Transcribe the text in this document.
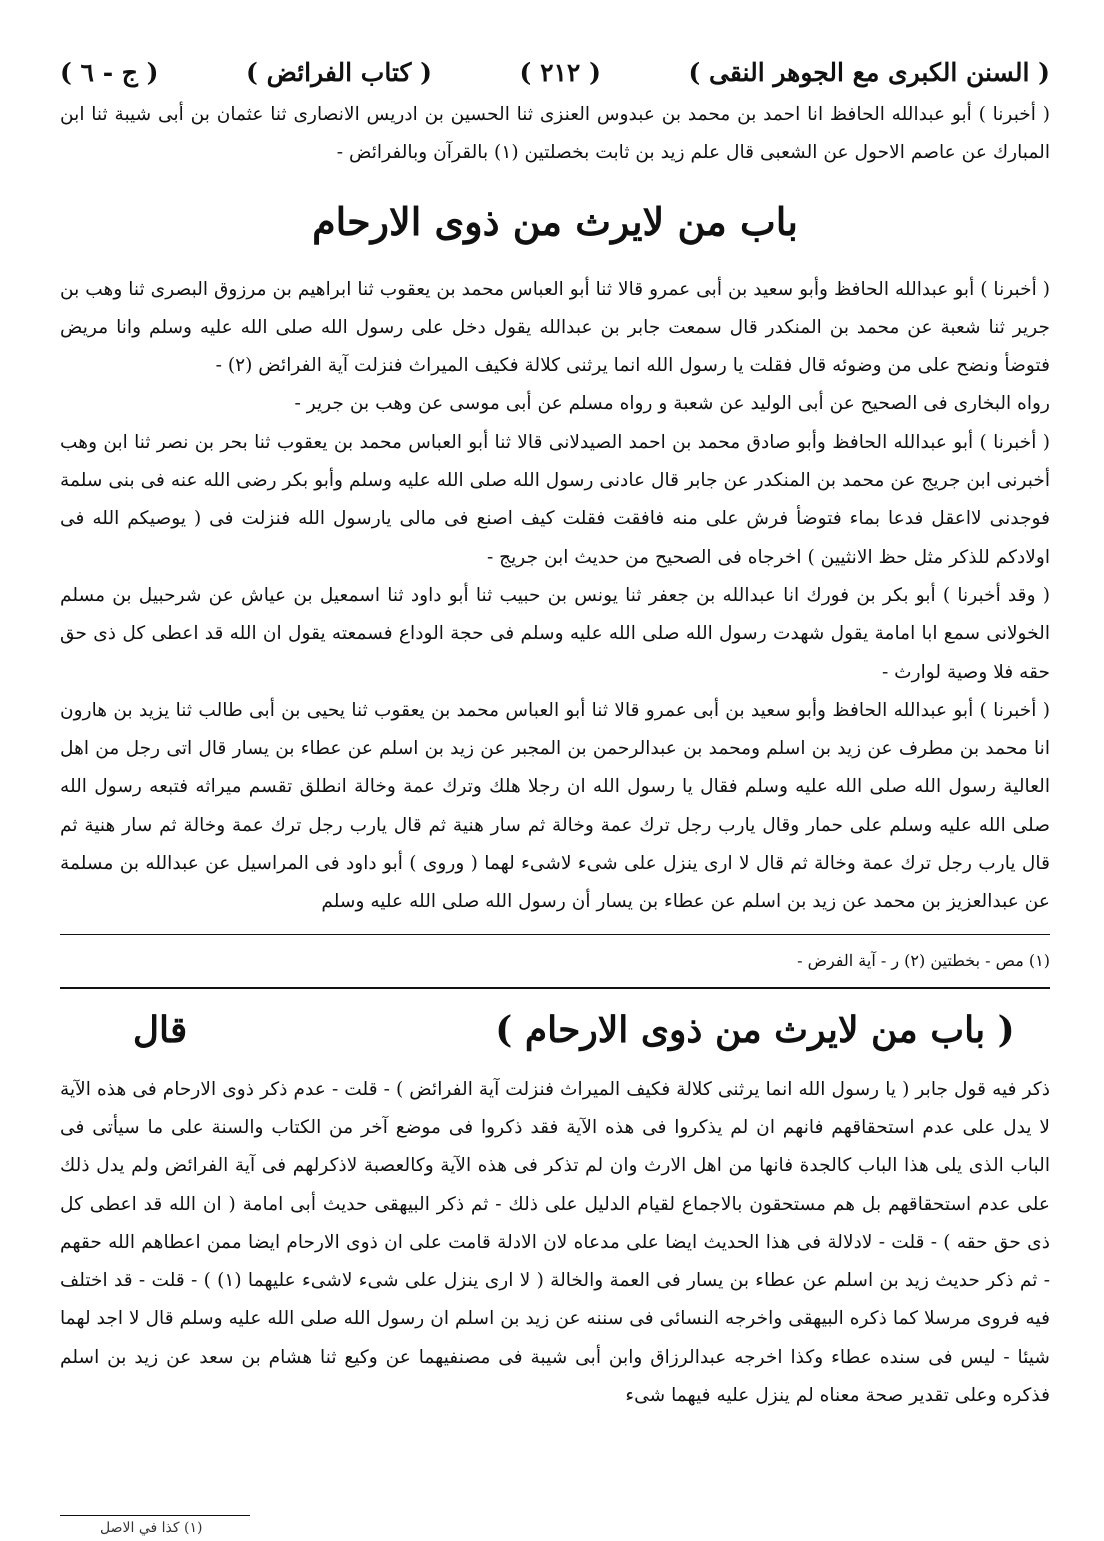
( السنن الكبرى مع الجوهر النقى )
( ٢١٢ )
( كتاب الفرائض )
( ج - ٦ )

( أخبرنا ) أبو عبدالله الحافظ انا احمد بن محمد بن عبدوس العنزى ثنا الحسين بن ادريس الانصارى ثنا عثمان بن أبى شيبة ثنا ابن المبارك عن عاصم الاحول عن الشعبى قال علم زيد بن ثابت بخصلتين (١) بالقرآن وبالفرائض -

باب من لايرث من ذوى الارحام

( أخبرنا ) أبو عبدالله الحافظ وأبو سعيد بن أبى عمرو قالا ثنا أبو العباس محمد بن يعقوب ثنا ابراهيم بن مرزوق البصرى ثنا وهب بن جرير ثنا شعبة عن محمد بن المنكدر قال سمعت جابر بن عبدالله يقول دخل على رسول الله صلى الله عليه وسلم وانا مريض فتوضأ ونضح على من وضوئه قال فقلت يا رسول الله انما يرثنى كلالة فكيف الميراث فنزلت آية الفرائض (٢) -

رواه البخارى فى الصحيح عن أبى الوليد عن شعبة و رواه مسلم عن أبى موسى عن وهب بن جرير -

( أخبرنا ) أبو عبدالله الحافظ وأبو صادق محمد بن احمد الصيدلانى قالا ثنا أبو العباس محمد بن يعقوب ثنا بحر بن نصر ثنا ابن وهب أخبرنى ابن جريج عن محمد بن المنكدر عن جابر قال عادنى رسول الله صلى الله عليه وسلم وأبو بكر رضى الله عنه فى بنى سلمة فوجدنى لااعقل فدعا بماء فتوضأ فرش على منه فافقت فقلت كيف اصنع فى مالى يارسول الله فنزلت فى ( يوصيكم الله فى اولادكم للذكر مثل حظ الانثيين ) اخرجاه فى الصحيح من حديث ابن جريج -

( وقد أخبرنا ) أبو بكر بن فورك انا عبدالله بن جعفر ثنا يونس بن حبيب ثنا أبو داود ثنا اسمعيل بن عياش عن شرحبيل بن مسلم الخولانى سمع ابا امامة يقول شهدت رسول الله صلى الله عليه وسلم فى حجة الوداع فسمعته يقول ان الله قد اعطى كل ذى حق حقه فلا وصية لوارث -

( أخبرنا ) أبو عبدالله الحافظ وأبو سعيد بن أبى عمرو قالا ثنا أبو العباس محمد بن يعقوب ثنا يحيى بن أبى طالب ثنا يزيد بن هارون انا محمد بن مطرف عن زيد بن اسلم ومحمد بن عبدالرحمن بن المجبر عن زيد بن اسلم عن عطاء بن يسار قال اتى رجل من اهل العالية رسول الله صلى الله عليه وسلم فقال يا رسول الله ان رجلا هلك وترك عمة وخالة انطلق تقسم ميراثه فتبعه رسول الله صلى الله عليه وسلم على حمار وقال يارب رجل ترك عمة وخالة ثم سار هنية ثم قال يارب رجل ترك عمة وخالة ثم سار هنية ثم قال يارب رجل ترك عمة وخالة ثم قال لا ارى ينزل على شىء لاشىء لهما ( وروى ) أبو داود فى المراسيل عن عبدالله بن مسلمة عن عبدالعزيز بن محمد عن زيد بن اسلم عن عطاء بن يسار أن رسول الله صلى الله عليه وسلم

(١) مص - بخطتين (٢) ر - آية الفرض -

( باب من لايرث من ذوى الارحام )
قال

ذكر فيه قول جابر ( يا رسول الله انما يرثنى كلالة فكيف الميراث فنزلت آية الفرائض ) - قلت - عدم ذكر ذوى الارحام فى هذه الآية لا يدل على عدم استحقاقهم فانهم ان لم يذكروا فى هذه الآية فقد ذكروا فى موضع آخر من الكتاب والسنة على ما سيأتى فى الباب الذى يلى هذا الباب كالجدة فانها من اهل الارث وان لم تذكر فى هذه الآية وكالعصبة لاذكرلهم فى آية الفرائض ولم يدل ذلك على عدم استحقاقهم بل هم مستحقون بالاجماع لقيام الدليل على ذلك - ثم ذكر البيهقى حديث أبى امامة ( ان الله قد اعطى كل ذى حق حقه ) - قلت - لادلالة فى هذا الحديث ايضا على مدعاه لان الادلة قامت على ان ذوى الارحام ايضا ممن اعطاهم الله حقهم - ثم ذكر حديث زيد بن اسلم عن عطاء بن يسار فى العمة والخالة ( لا ارى ينزل على شىء لاشىء عليهما (١) ) - قلت - قد اختلف فيه فروى مرسلا كما ذكره البيهقى واخرجه النسائى فى سننه عن زيد بن اسلم ان رسول الله صلى الله عليه وسلم قال لا اجد لهما شيئا - ليس فى سنده عطاء وكذا اخرجه عبدالرزاق وابن أبى شيبة فى مصنفيهما عن وكيع ثنا هشام بن سعد عن زيد بن اسلم فذكره وعلى تقدير صحة معناه لم ينزل عليه فيهما شىء

(١) كذا في الاصل
